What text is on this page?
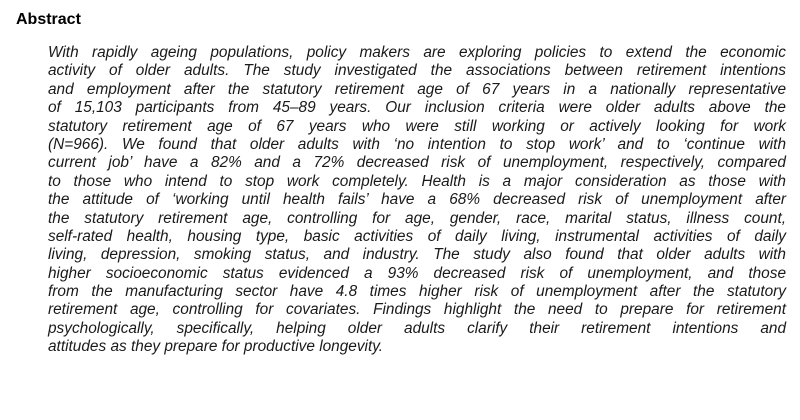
Abstract
With rapidly ageing populations, policy makers are exploring policies to extend the economic
activity of older adults. The study investigated the associations between retirement intentions
and employment after the statutory retirement age of 67 years in a nationally representative
of 15,103 participants from 45–89 years. Our inclusion criteria were older adults above the
statutory retirement age of 67 years who were still working or actively looking for work
(N=966). We found that older adults with ‘no intention to stop work’ and to ‘continue with
current job’ have a 82% and a 72% decreased risk of unemployment, respectively, compared
to those who intend to stop work completely. Health is a major consideration as those with
the attitude of ‘working until health fails’ have a 68% decreased risk of unemployment after
the statutory retirement age, controlling for age, gender, race, marital status, illness count,
self-rated health, housing type, basic activities of daily living, instrumental activities of daily
living, depression, smoking status, and industry. The study also found that older adults with
higher socioeconomic status evidenced a 93% decreased risk of unemployment, and those
from the manufacturing sector have 4.8 times higher risk of unemployment after the statutory
retirement age, controlling for covariates. Findings highlight the need to prepare for retirement
psychologically, specifically, helping older adults clarify their retirement intentions and
attitudes as they prepare for productive longevity.
